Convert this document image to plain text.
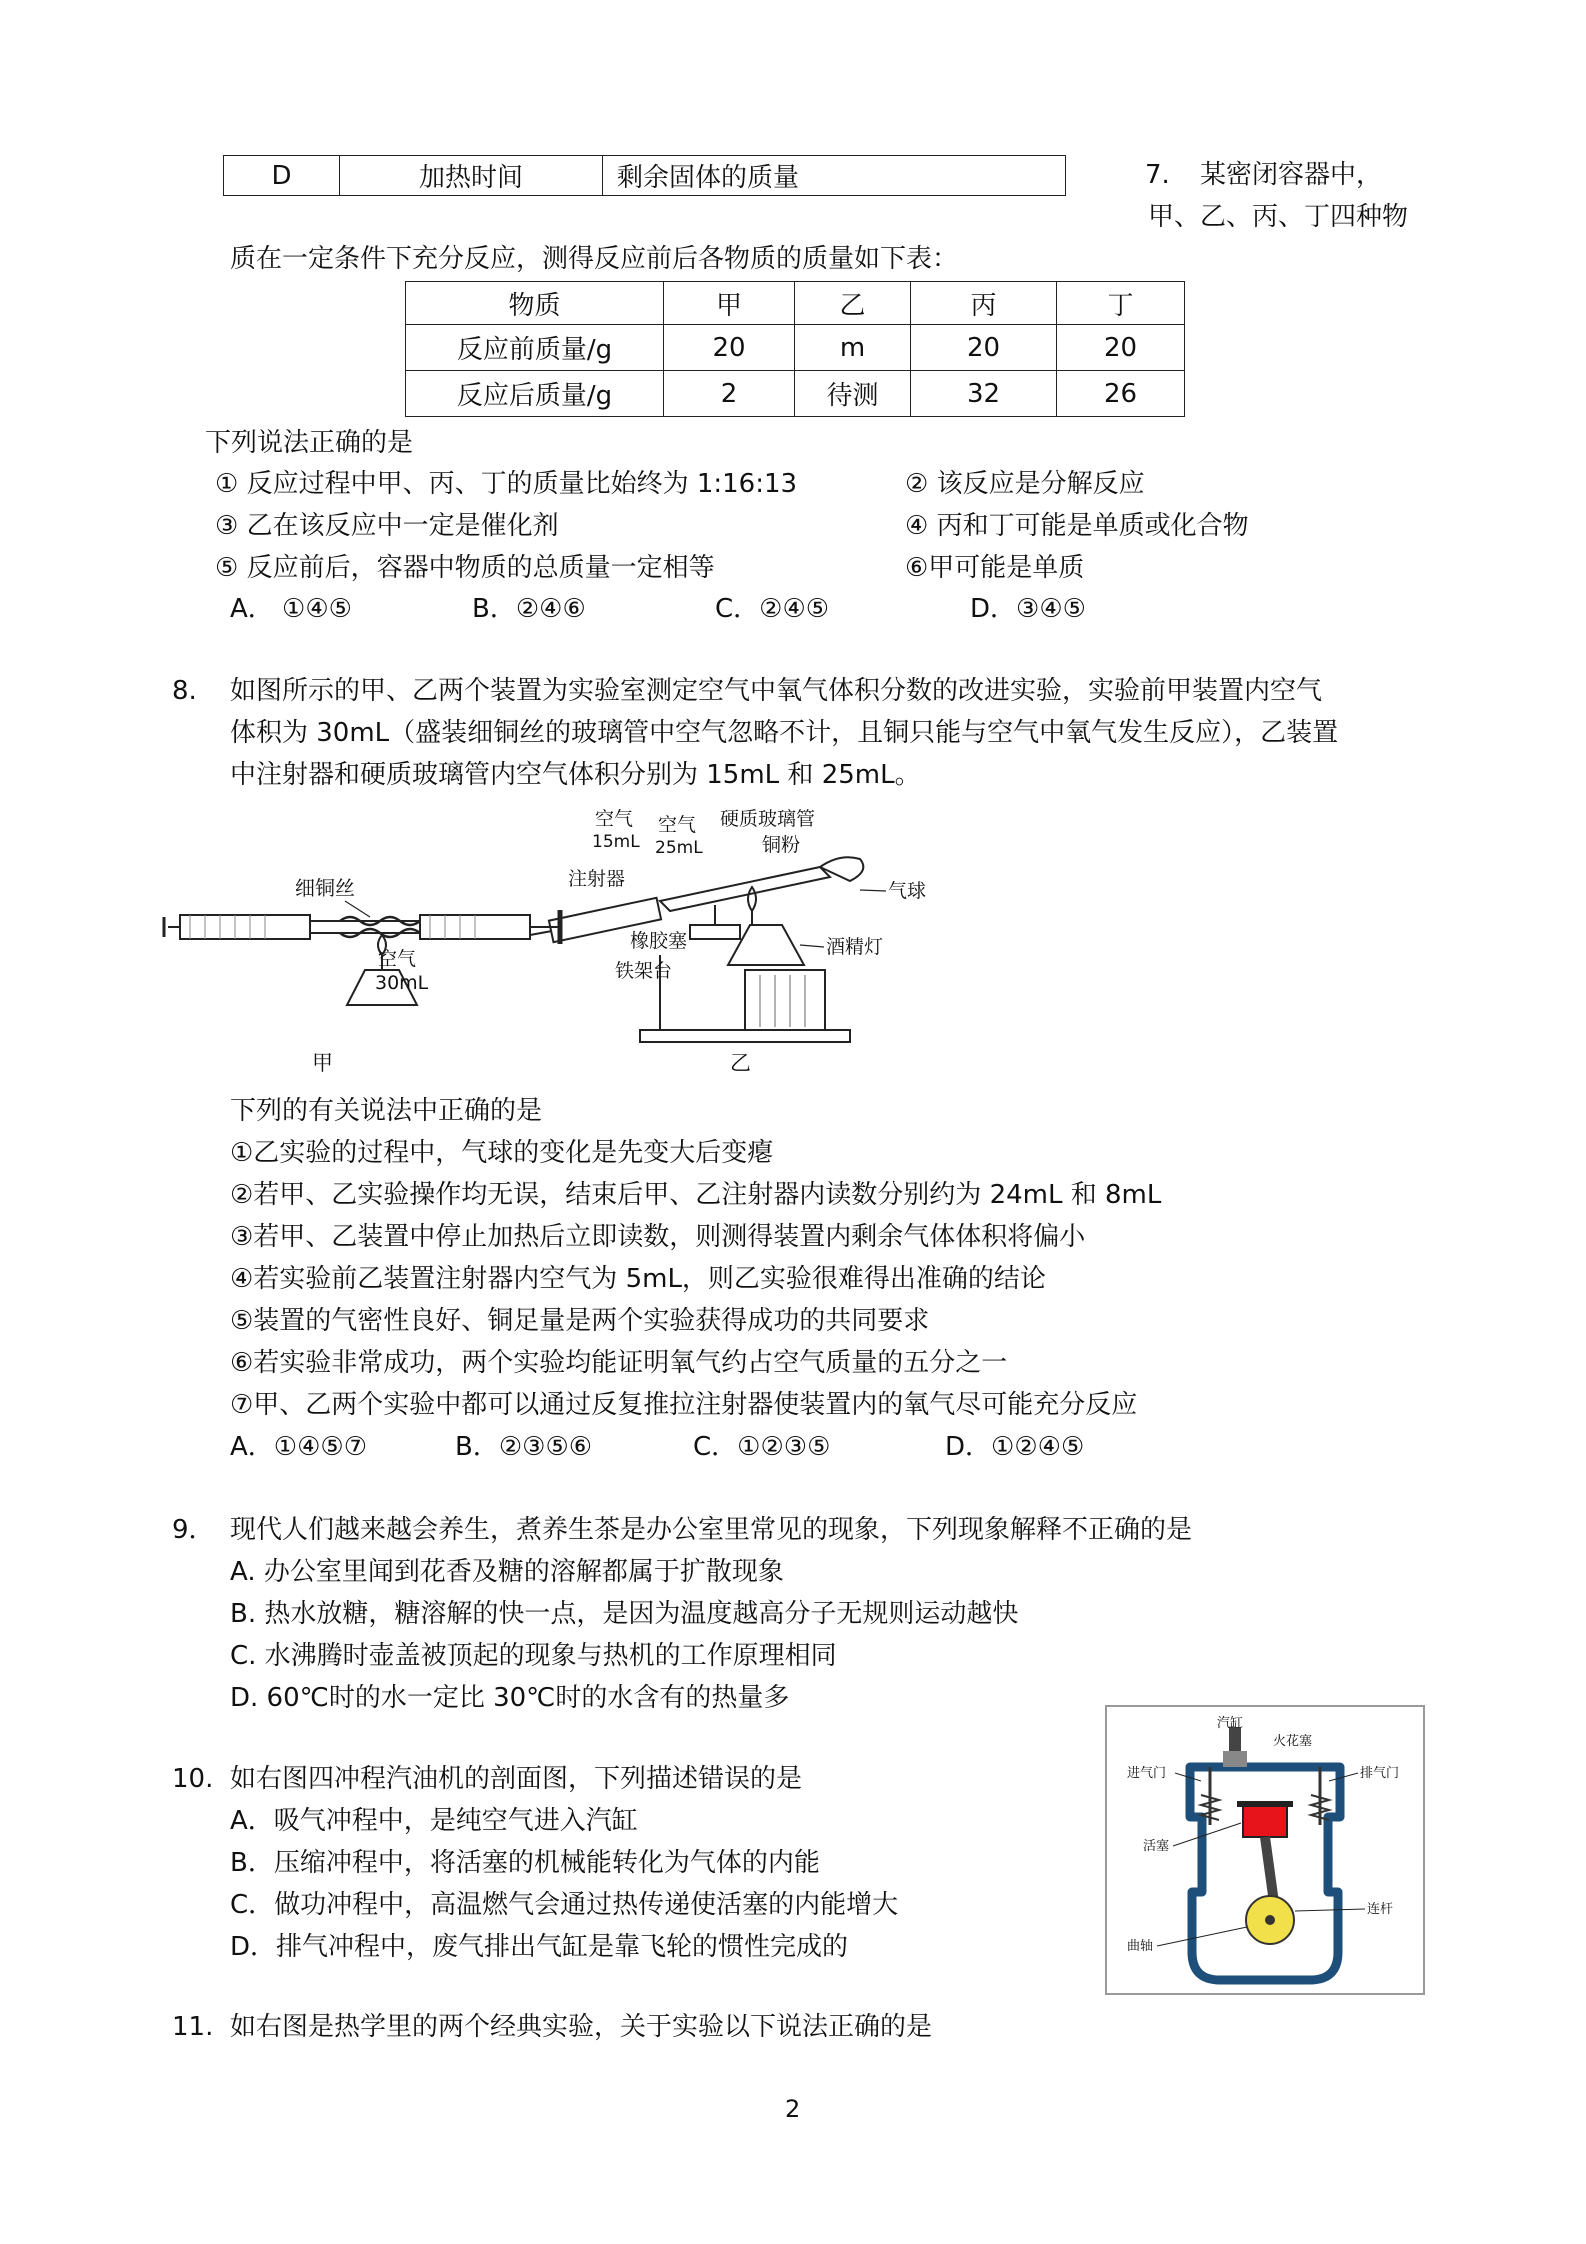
D	加热时间	剩余固体的质量	7. 某密闭容器中，
甲、乙、丙、丁四种物
质在一定条件下充分反应，测得反应前后各物质的质量如下表：
物质	甲	乙	丙	丁
反应前质量/g	20	m	20	20
反应后质量/g	2	待测	32	26
下列说法正确的是
① 反应过程中甲、丙、丁的质量比始终为 1:16:13	② 该反应是分解反应
③ 乙在该反应中一定是催化剂	④ 丙和丁可能是单质或化合物
⑤ 反应前后，容器中物质的总质量一定相等	⑥甲可能是单质
A． ①④⑤	B．②④⑥	C．②④⑤	D．③④⑤
8. 如图所示的甲、乙两个装置为实验室测定空气中氧气体积分数的改进实验，实验前甲装置内空气
体积为 30mL（盛装细铜丝的玻璃管中空气忽略不计，且铜只能与空气中氧气发生反应），乙装置
中注射器和硬质玻璃管内空气体积分别为 15mL 和 25mL。
细铜丝
空气
30mL
甲
空气
15mL
空气
25mL
硬质玻璃管
铜粉
注射器
气球
橡胶塞	酒精灯
铁架台
乙
下列的有关说法中正确的是
①乙实验的过程中，气球的变化是先变大后变瘪
②若甲、乙实验操作均无误，结束后甲、乙注射器内读数分别约为 24mL 和 8mL
③若甲、乙装置中停止加热后立即读数，则测得装置内剩余气体体积将偏小
④若实验前乙装置注射器内空气为 5mL，则乙实验很难得出准确的结论
⑤装置的气密性良好、铜足量是两个实验获得成功的共同要求
⑥若实验非常成功，两个实验均能证明氧气约占空气质量的五分之一
⑦甲、乙两个实验中都可以通过反复推拉注射器使装置内的氧气尽可能充分反应
A．①④⑤⑦	B．②③⑤⑥	C．①②③⑤	D．①②④⑤
9． 现代人们越来越会养生，煮养生茶是办公室里常见的现象，下列现象解释不正确的是
A. 办公室里闻到花香及糖的溶解都属于扩散现象
B. 热水放糖，糖溶解的快一点，是因为温度越高分子无规则运动越快
C. 水沸腾时壶盖被顶起的现象与热机的工作原理相同
D. 60℃时的水一定比 30℃时的水含有的热量多
10. 如右图四冲程汽油机的剖面图，下列描述错误的是
A．吸气冲程中，是纯空气进入汽缸
B．压缩冲程中，将活塞的机械能转化为气体的内能
C．做功冲程中，高温燃气会通过热传递使活塞的内能增大
D．排气冲程中，废气排出气缸是靠飞轮的惯性完成的
汽缸
火花塞
进气门	排气门
活塞
连杆
曲轴
11. 如右图是热学里的两个经典实验，关于实验以下说法正确的是
2
